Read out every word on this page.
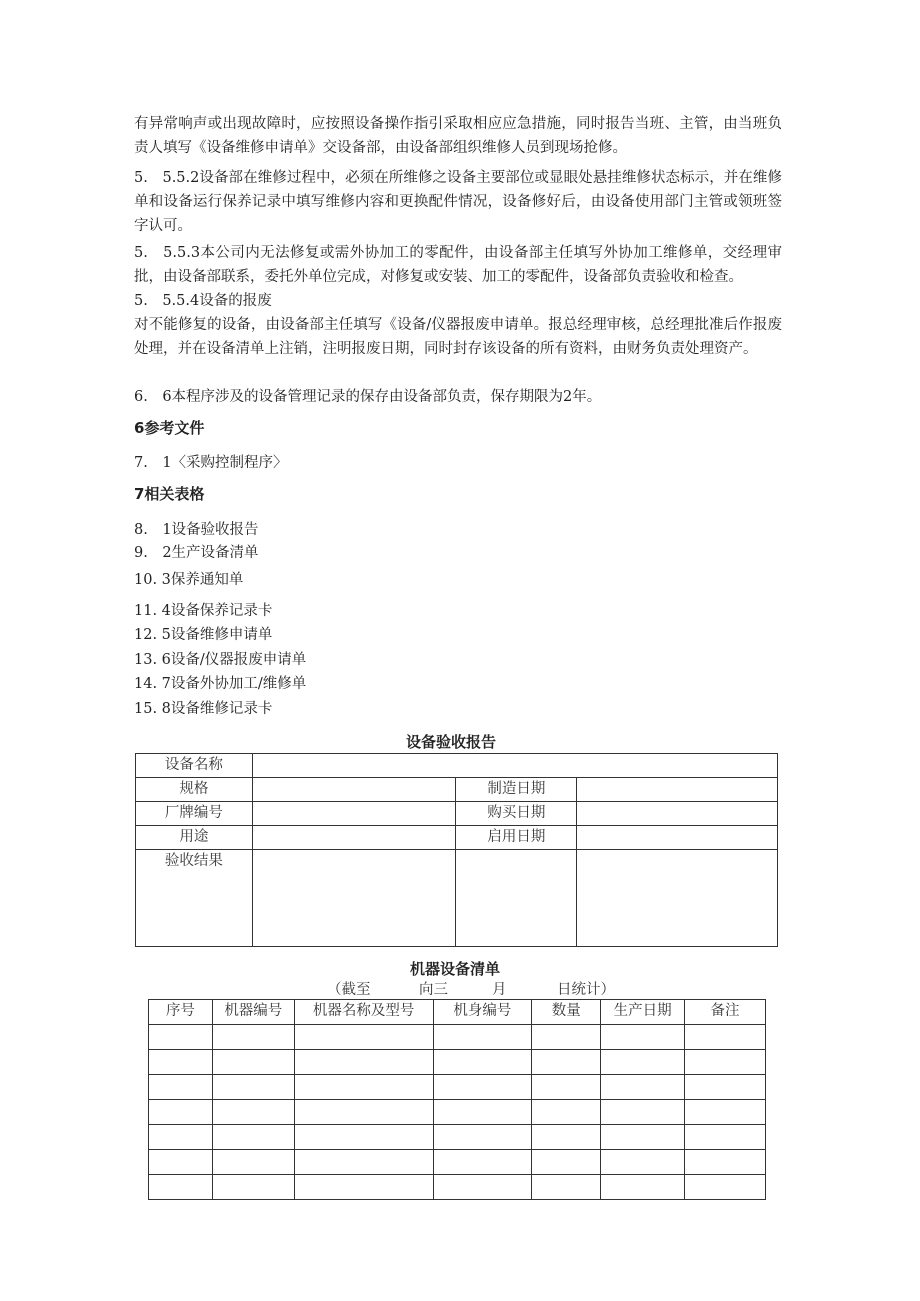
有异常响声或出现故障时，应按照设备操作指引采取相应应急措施，同时报告当班、主管，由当班负责人填写《设备维修申请单》交设备部，由设备部组织维修人员到现场抢修。

5.　5.5.2设备部在维修过程中，必须在所维修之设备主要部位或显眼处悬挂维修状态标示，并在维修单和设备运行保养记录中填写维修内容和更换配件情况，设备修好后，由设备使用部门主管或领班签字认可。

5.　5.5.3本公司内无法修复或需外协加工的零配件，由设备部主任填写外协加工维修单，交经理审批，由设备部联系，委托外单位完成，对修复或安装、加工的零配件，设备部负责验收和检查。

5.　5.5.4设备的报废

对不能修复的设备，由设备部主任填写《设备/仪器报废申请单。报总经理审核，总经理批准后作报废处理，并在设备清单上注销，注明报废日期，同时封存该设备的所有资料，由财务负责处理资产。

6.　6本程序涉及的设备管理记录的保存由设备部负责，保存期限为2年。
6参考文件
7.　1〈采购控制程序〉
7相关表格
8.　1设备验收报告
9.　2生产设备清单
10. 3保养通知单
11. 4设备保养记录卡
12. 5设备维修申请单
13. 6设备/仪器报废申请单
14. 7设备外协加工/维修单
15. 8设备维修记录卡
设备验收报告
设备名称			
规格		制造日期	
厂牌编号		购买日期	
用途		启用日期	
验收结果			
机器设备清单
（截至	向三	月	日统计）
序号	机器编号	机器名称及型号	机身编号	数量	生产日期	备注
